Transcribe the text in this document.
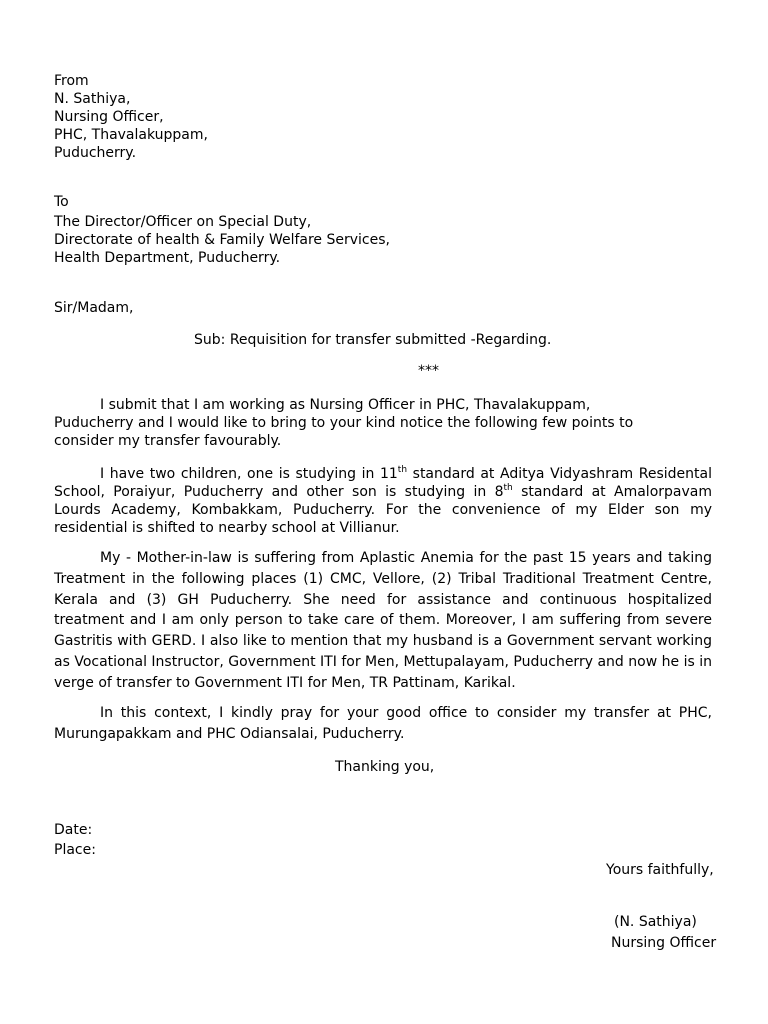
From
N. Sathiya,
Nursing Officer,
PHC, Thavalakuppam,
Puducherry.
To
The Director/Officer on Special Duty,
Directorate of health & Family Welfare Services,
Health Department, Puducherry.
Sir/Madam,
Sub: Requisition for transfer submitted -Regarding.
***
I submit that I am working as Nursing Officer in PHC, Thavalakuppam, Puducherry and I would like to bring to your kind notice the following few points to consider my transfer favourably.
I have two children, one is studying in 11th standard at Aditya Vidyashram Residental School, Poraiyur, Puducherry and other son is studying in 8th standard at Amalorpavam Lourds Academy, Kombakkam, Puducherry. For the convenience of my Elder son my residential is shifted to nearby school at Villianur.
My - Mother-in-law is suffering from Aplastic Anemia for the past 15 years and taking Treatment in the following places (1) CMC, Vellore, (2) Tribal Traditional Treatment Centre, Kerala and (3) GH Puducherry. She need for assistance and continuous hospitalized treatment and I am only person to take care of them. Moreover, I am suffering from severe Gastritis with GERD. I also like to mention that my husband is a Government servant working as Vocational Instructor, Government ITI for Men, Mettupalayam, Puducherry and now he is in verge of transfer to Government ITI for Men, TR Pattinam, Karikal.
In this context, I kindly pray for your good office to consider my transfer at PHC, Murungapakkam and PHC Odiansalai, Puducherry.
Thanking you,
Date:
Place:
Yours faithfully,
(N. Sathiya)
Nursing Officer
